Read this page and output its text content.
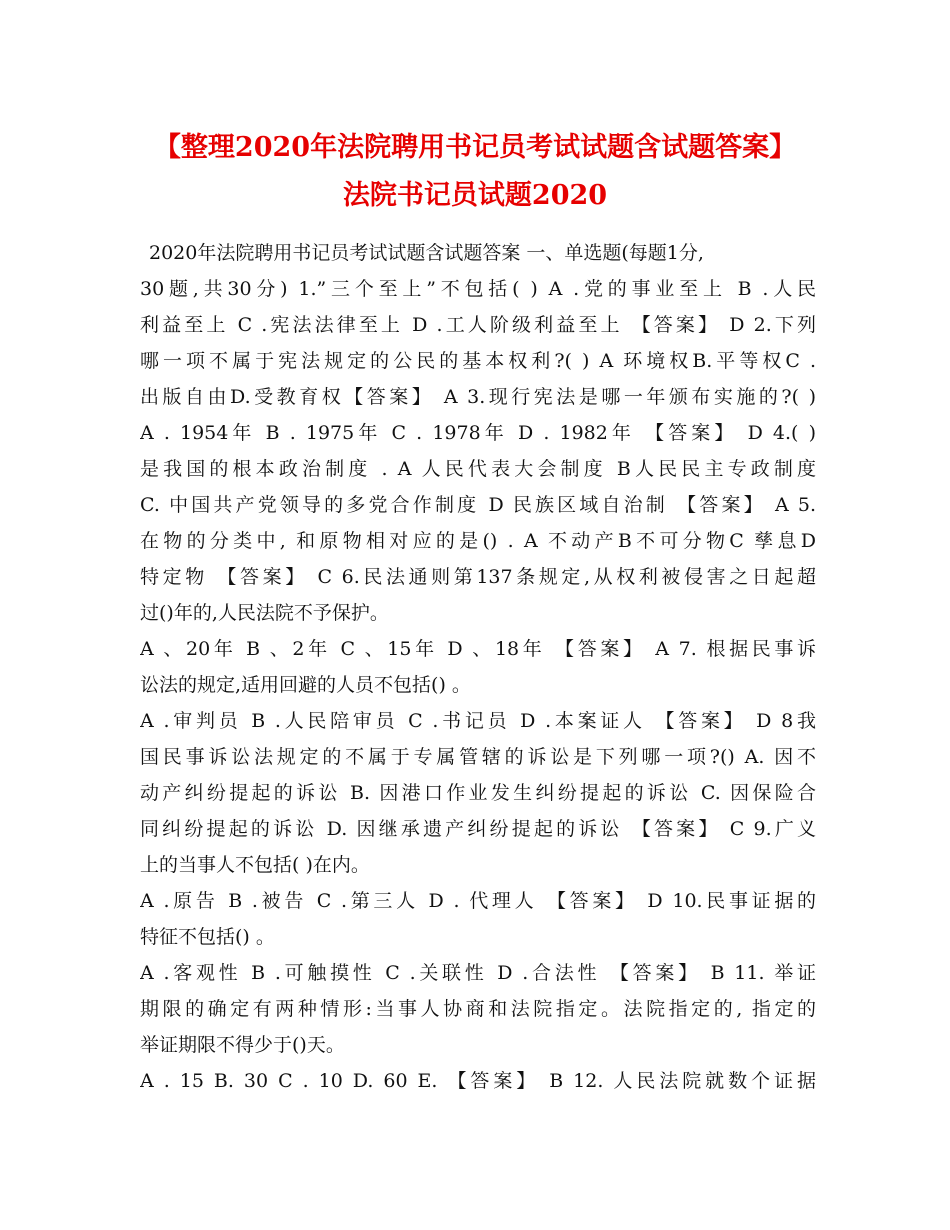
【整理2020年法院聘用书记员考试试题含试题答案】
法院书记员试题2020
2020年法院聘用书记员考试试题含试题答案 一、单选题(每题1分,
30题,共30分) 1.”三个至上”不包括( ) A .党的事业至上 B .人民
利益至上 C .宪法法律至上 D .工人阶级利益至上 【答案】 D 2.下列
哪一项不属于宪法规定的公民的基本权利?( ) A 环境权B.平等权C .
出版自由D.受教育权【答案】 A 3.现行宪法是哪一年颁布实施的?( )
A . 1954年 B . 1975年 C . 1978年 D . 1982年 【答案】 D 4.( )
是我国的根本政治制度 . A 人民代表大会制度 B人民民主专政制度
C. 中国共产党领导的多党合作制度 D 民族区域自治制 【答案】 A 5.
在物的分类中, 和原物相对应的是() . A 不动产B不可分物C 孳息D
特定物 【答案】 C 6.民法通则第137条规定,从权利被侵害之日起超
过()年的,人民法院不予保护。
A 、20年 B 、2年 C 、15年 D 、18年 【答案】 A 7. 根据民事诉
讼法的规定,适用回避的人员不包括() 。
A .审判员 B .人民陪审员 C .书记员 D .本案证人 【答案】 D 8我
国民事诉讼法规定的不属于专属管辖的诉讼是下列哪一项?() A. 因不
动产纠纷提起的诉讼 B. 因港口作业发生纠纷提起的诉讼 C. 因保险合
同纠纷提起的诉讼 D. 因继承遗产纠纷提起的诉讼 【答案】 C 9.广义
上的当事人不包括( )在内。
A .原告 B .被告 C .第三人 D . 代理人 【答案】 D 10.民事证据的
特征不包括() 。
A .客观性 B .可触摸性 C .关联性 D .合法性 【答案】 B 11. 举证
期限的确定有两种情形:当事人协商和法院指定。法院指定的, 指定的
举证期限不得少于()天。
A . 15 B. 30 C . 10 D. 60 E. 【答案】 B 12. 人民法院就数个证据
